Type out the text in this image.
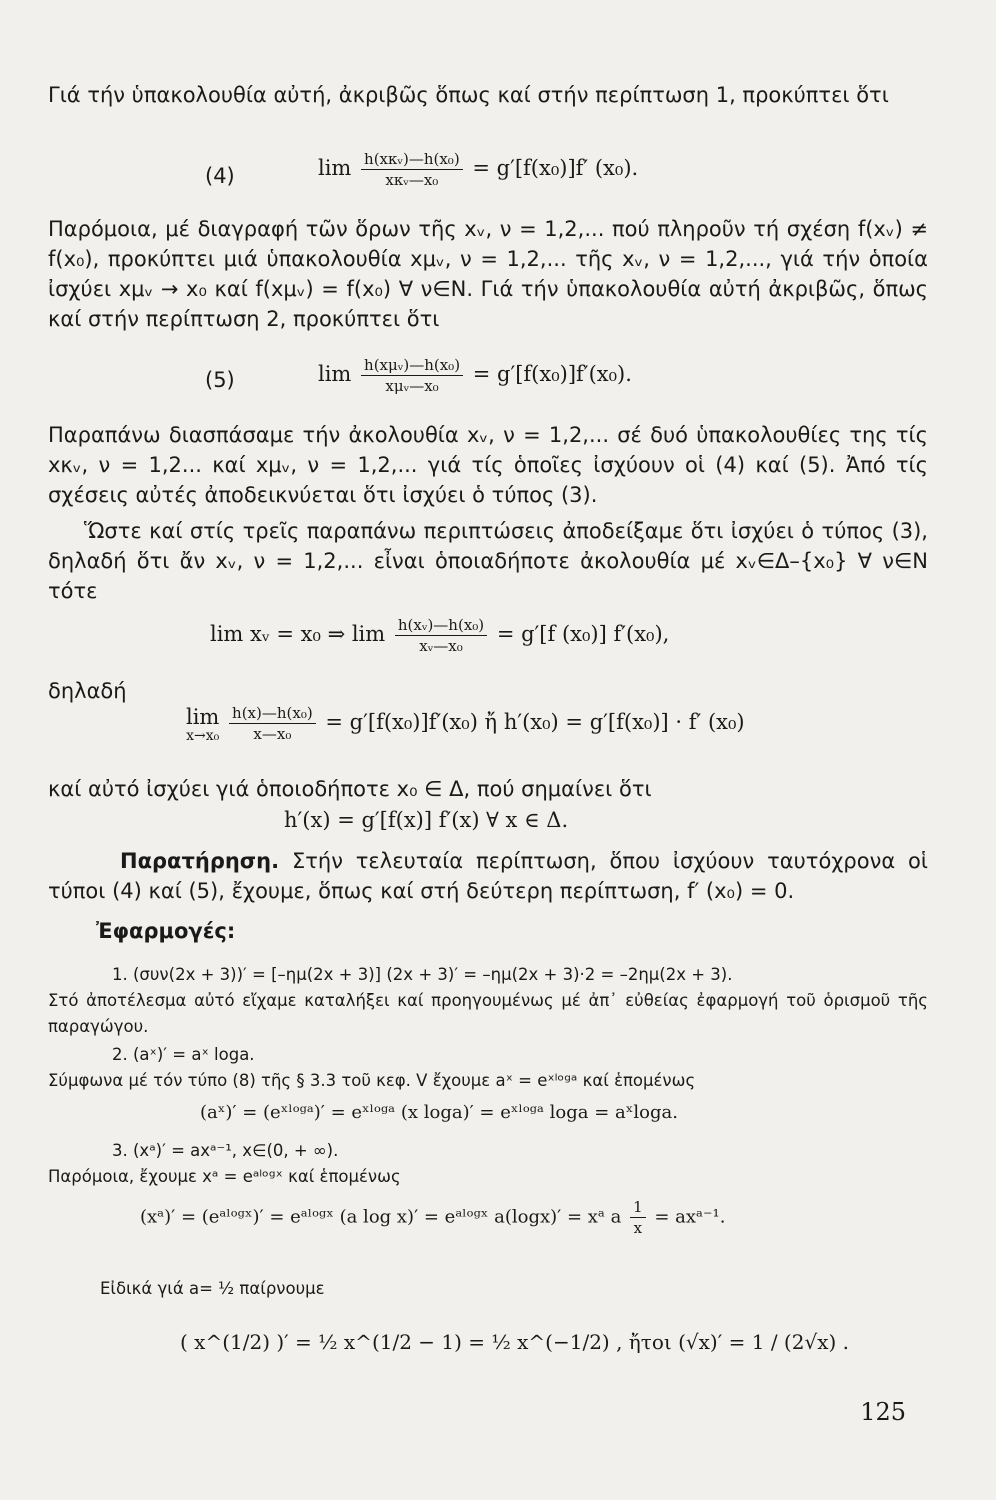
Γιά τήν ὑπακολουθία αὐτή, ἀκριβῶς ὅπως καί στήν περίπτωση 1, προκύπτει ὅτι

(4)	$\lim \frac{\text{h(xκᵥ)—h(x₀)}}{\text{xκᵥ—x₀}} = g'[f(x_0)]f'$ (x₀).

Παρόμοια, μέ διαγραφή τῶν ὅρων τῆς xᵥ, ν = 1,2,... πού πληροῦν τή σχέση f(xᵥ) ≠ f(x₀), προκύπτει μιά ὑπακολουθία xμᵥ, ν = 1,2,... τῆς xᵥ, ν = 1,2,..., γιά τήν ὁποία ἰσχύει xμᵥ → x₀ καί f(xμᵥ) = f(x₀) ∀ ν∈N. Γιά τήν ὑπακολουθία αὐτή ἀκριβῶς, ὅπως καί στήν περίπτωση 2, προκύπτει ὅτι

(5)	$\lim \frac{\text{h(xμᵥ)—h(x₀)}}{\text{xμᵥ—x₀}} = g'[f(x_0)]f'(x_0)$.

Παραπάνω διασπάσαμε τήν ἀκολουθία xᵥ, ν = 1,2,... σέ δυό ὑπακολουθίες της τίς xκᵥ, ν = 1,2... καί xμᵥ, ν = 1,2,... γιά τίς ὁποῖες ἰσχύουν οἱ (4) καί (5). Ἀπό τίς σχέσεις αὐτές ἀποδεικνύεται ὅτι ἰσχύει ὁ τύπος (3).

Ὥστε καί στίς τρεῖς παραπάνω περιπτώσεις ἀποδείξαμε ὅτι ἰσχύει ὁ τύπος (3), δηλαδή ὅτι ἄν xᵥ, ν = 1,2,... εἶναι ὁποιαδήποτε ἀκολουθία μέ xᵥ∈Δ–{x₀} ∀ ν∈N τότε

lim xᵥ = x₀ ⇒ $\lim \frac{\text{h(xᵥ)—h(x₀)}}{\text{xᵥ—x₀}} = g'[f$ (x₀)] f′(x₀),

δηλαδή

lim
x→x₀
$\frac{\text{h(x)—h(x₀)}}{\text{x—x₀}} = g'[f(x_0)]f'(x_0)$ ἤ h′(x₀) = g′[f(x₀)] · f′ (x₀)

καί αὐτό ἰσχύει γιά ὁποιοδήποτε x₀ ∈ Δ, πού σημαίνει ὅτι

h′(x) = g′[f(x)] f′(x) ∀ x ∈ Δ.

Παρατήρηση. Στήν τελευταία περίπτωση, ὅπου ἰσχύουν ταυτόχρονα οἱ τύποι (4) καί (5), ἔχουμε, ὅπως καί στή δεύτερη περίπτωση, f′ (x₀) = 0.

Ἐφαρμογές:

1. (συν(2x + 3))′ = [–ημ(2x + 3)] (2x + 3)′ = –ημ(2x + 3)·2 = –2ημ(2x + 3).

Στό ἀποτέλεσμα αὐτό εἴχαμε καταλήξει καί προηγουμένως μέ ἀπ᾽ εὐθείας ἐφαρμογή τοῦ ὁρισμοῦ τῆς παραγώγου.

2. (aˣ)′ = aˣ loga.

Σύμφωνα μέ τόν τύπο (8) τῆς § 3.3 τοῦ κεφ. V ἔχουμε aˣ = eˣˡᵒᵍᵃ καί ἑπομένως

(aˣ)′ = (eˣˡᵒᵍᵃ)′ = eˣˡᵒᵍᵃ (x loga)′ = eˣˡᵒᵍᵃ loga = aˣloga.

3. (xᵃ)′ = axᵃ⁻¹, x∈(0, + ∞).

Παρόμοια, ἔχουμε xᵃ = eᵃˡᵒᵍˣ καί ἑπομένως

(xᵃ)′ = (eᵃˡᵒᵍˣ)′ = eᵃˡᵒᵍˣ (a log x)′ = eᵃˡᵒᵍˣ a(logx)′ = xᵃ a $\frac{1}{x}$ = axᵃ⁻¹.

Εἰδικά γιά a= ½ παίρνουμε

( x^(1/2) )′ = ½ x^(1/2 − 1) = ½ x^(−1/2) , ἤτοι (√x)′ = 1 / (2√x) .
125
